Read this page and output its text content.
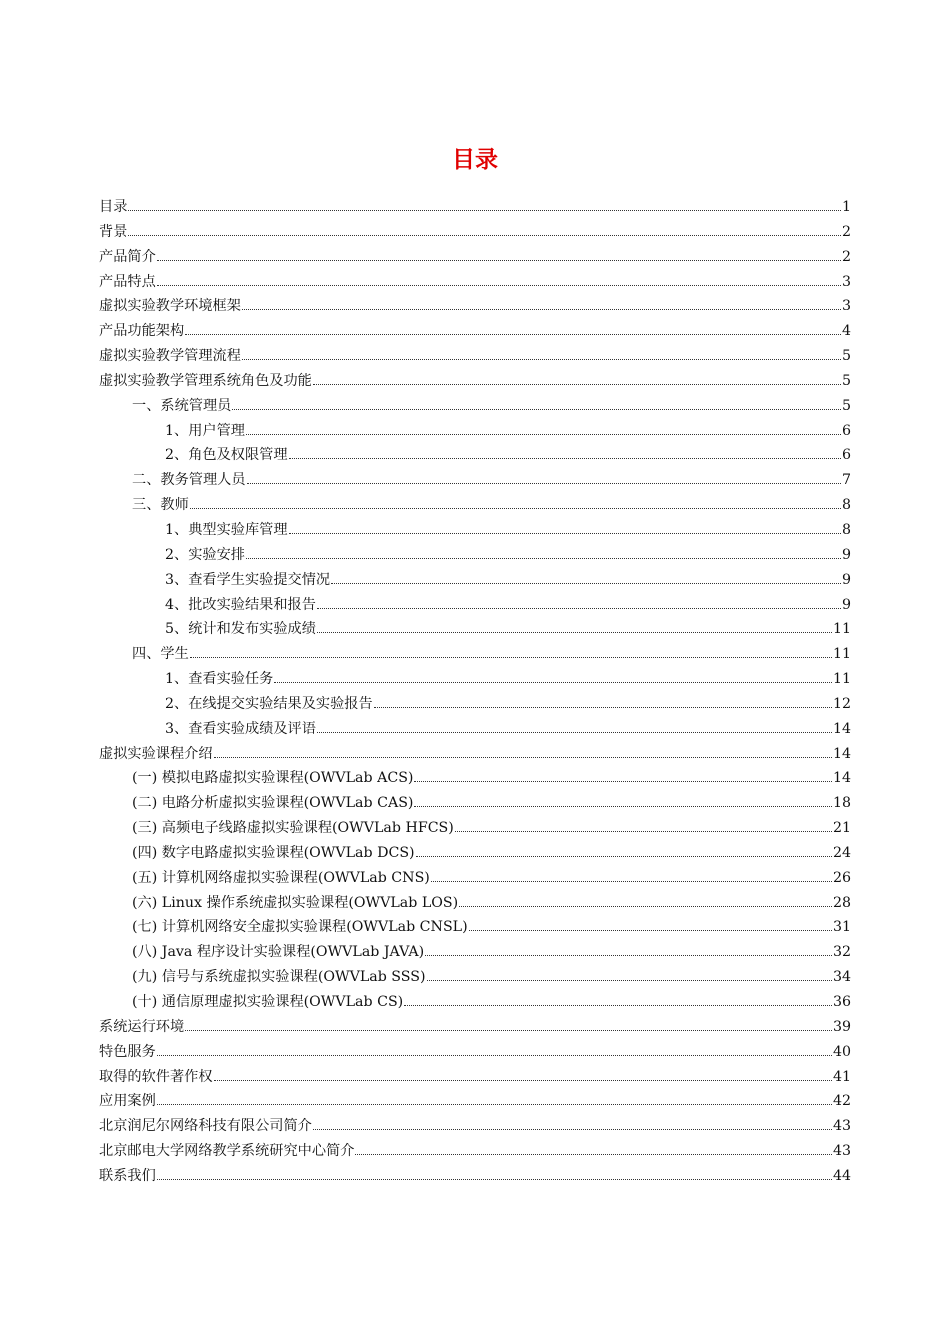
目录
目录	1
背景	2
产品简介	2
产品特点	3
虚拟实验教学环境框架	3
产品功能架构	4
虚拟实验教学管理流程	5
虚拟实验教学管理系统角色及功能	5
一、系统管理员	5
1、用户管理	6
2、角色及权限管理	6
二、教务管理人员	7
三、教师	8
1、典型实验库管理	8
2、实验安排	9
3、查看学生实验提交情况	9
4、批改实验结果和报告	9
5、统计和发布实验成绩	11
四、学生	11
1、查看实验任务	11
2、在线提交实验结果及实验报告	12
3、查看实验成绩及评语	14
虚拟实验课程介绍	14
(一) 模拟电路虚拟实验课程(OWVLab ACS)	14
(二) 电路分析虚拟实验课程(OWVLab CAS)	18
(三) 高频电子线路虚拟实验课程(OWVLab HFCS)	21
(四) 数字电路虚拟实验课程(OWVLab DCS)	24
(五) 计算机网络虚拟实验课程(OWVLab CNS)	26
(六) Linux 操作系统虚拟实验课程(OWVLab LOS)	28
(七) 计算机网络安全虚拟实验课程(OWVLab CNSL)	31
(八) Java 程序设计实验课程(OWVLab JAVA)	32
(九) 信号与系统虚拟实验课程(OWVLab SSS)	34
(十) 通信原理虚拟实验课程(OWVLab CS)	36
系统运行环境	39
特色服务	40
取得的软件著作权	41
应用案例	42
北京润尼尔网络科技有限公司简介	43
北京邮电大学网络教学系统研究中心简介	43
联系我们	44
